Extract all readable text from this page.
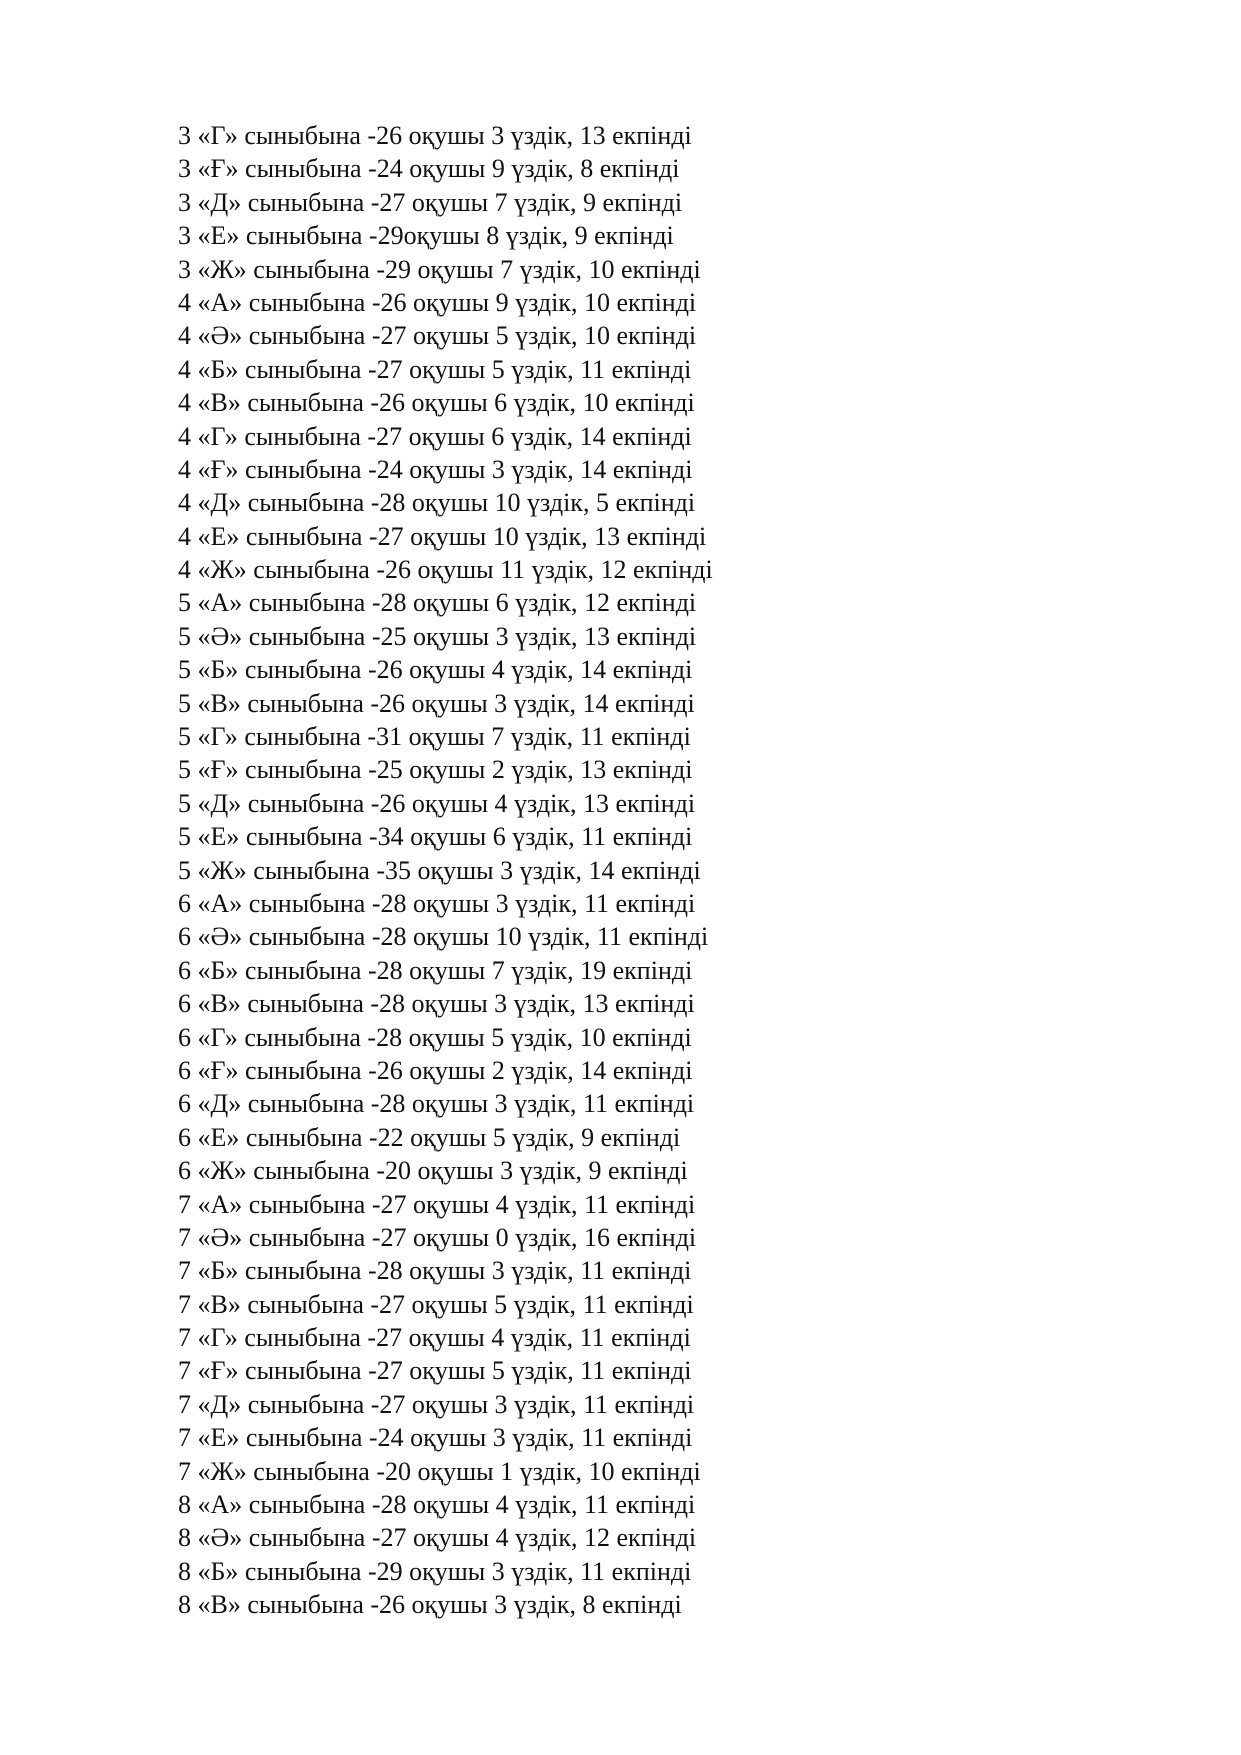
3 «Г» сыныбына -26 оқушы 3 үздік, 13 екпінді
3 «Ғ» сыныбына -24 оқушы 9 үздік, 8 екпінді
3 «Д» сыныбына -27 оқушы 7 үздік, 9 екпінді
3 «Е» сыныбына -29оқушы 8 үздік, 9 екпінді
3 «Ж» сыныбына -29 оқушы 7 үздік, 10 екпінді
4 «А» сыныбына -26 оқушы 9 үздік, 10 екпінді
4 «Ә» сыныбына -27 оқушы 5 үздік, 10 екпінді
4 «Б» сыныбына -27 оқушы 5 үздік, 11 екпінді
4 «В» сыныбына -26 оқушы 6 үздік, 10 екпінді
4 «Г» сыныбына -27 оқушы 6 үздік, 14 екпінді
4 «Ғ» сыныбына -24 оқушы 3 үздік, 14 екпінді
4 «Д» сыныбына -28 оқушы 10 үздік, 5 екпінді
4 «Е» сыныбына -27 оқушы 10 үздік, 13 екпінді
4 «Ж» сыныбына -26 оқушы 11 үздік, 12 екпінді
5 «А» сыныбына -28 оқушы 6 үздік, 12 екпінді
5 «Ә» сыныбына -25 оқушы 3 үздік, 13 екпінді
5 «Б» сыныбына -26 оқушы 4 үздік, 14 екпінді
5 «В» сыныбына -26 оқушы 3 үздік, 14 екпінді
5 «Г» сыныбына -31 оқушы 7 үздік, 11 екпінді
5 «Ғ» сыныбына -25 оқушы 2 үздік, 13 екпінді
5 «Д» сыныбына -26 оқушы 4 үздік, 13 екпінді
5 «Е» сыныбына -34 оқушы 6 үздік, 11 екпінді
5 «Ж» сыныбына -35 оқушы 3 үздік, 14 екпінді
6 «А» сыныбына -28 оқушы 3 үздік, 11 екпінді
6 «Ә» сыныбына -28 оқушы 10 үздік, 11 екпінді
6 «Б» сыныбына -28 оқушы 7 үздік, 19 екпінді
6 «В» сыныбына -28 оқушы 3 үздік, 13 екпінді
6 «Г» сыныбына -28 оқушы 5 үздік, 10 екпінді
6 «Ғ» сыныбына -26 оқушы 2 үздік, 14 екпінді
6 «Д» сыныбына -28 оқушы 3 үздік, 11 екпінді
6 «Е» сыныбына -22 оқушы 5 үздік, 9 екпінді
6 «Ж» сыныбына -20 оқушы 3 үздік, 9 екпінді
7 «А» сыныбына -27 оқушы 4 үздік, 11 екпінді
7 «Ә» сыныбына -27 оқушы 0 үздік, 16 екпінді
7 «Б» сыныбына -28 оқушы 3 үздік, 11 екпінді
7 «В» сыныбына -27 оқушы 5 үздік, 11 екпінді
7 «Г» сыныбына -27 оқушы 4 үздік, 11 екпінді
7 «Ғ» сыныбына -27 оқушы 5 үздік, 11 екпінді
7 «Д» сыныбына -27 оқушы 3 үздік, 11 екпінді
7 «Е» сыныбына -24 оқушы 3 үздік, 11 екпінді
7 «Ж» сыныбына -20 оқушы 1 үздік, 10 екпінді
8 «А» сыныбына -28 оқушы 4 үздік, 11 екпінді
8 «Ә» сыныбына -27 оқушы 4 үздік, 12 екпінді
8 «Б» сыныбына -29 оқушы 3 үздік, 11 екпінді
8 «В» сыныбына -26 оқушы 3 үздік, 8 екпінді
